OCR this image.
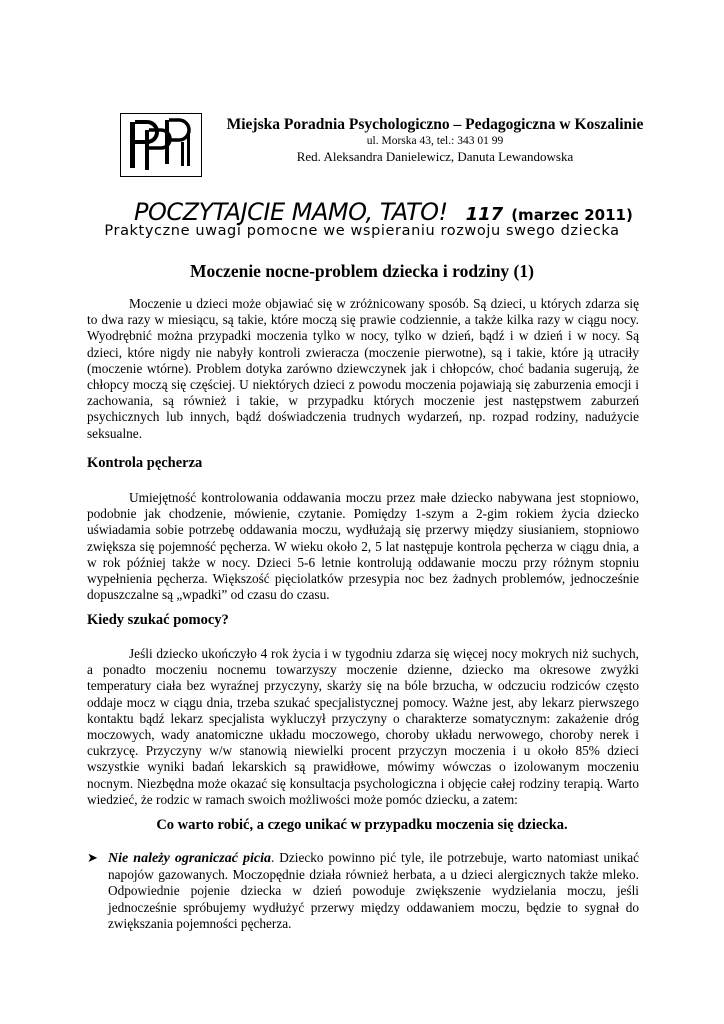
Miejska Poradnia Psychologiczno – Pedagogiczna w Koszalinie
ul. Morska 43, tel.: 343 01 99
Red. Aleksandra Danielewicz, Danuta Lewandowska
POCZYTAJCIE MAMO, TATO! 117 (marzec 2011)
Praktyczne uwagi pomocne we wspieraniu rozwoju swego dziecka
Moczenie nocne-problem dziecka i rodziny (1)
Moczenie u dzieci może objawiać się w zróżnicowany sposób. Są dzieci, u których zdarza się to dwa razy w miesiącu, są takie, które moczą się prawie codziennie, a także kilka razy w ciągu nocy. Wyodrębnić można przypadki moczenia tylko w nocy, tylko w dzień, bądź i w dzień i w nocy. Są dzieci, które nigdy nie nabyły kontroli zwieracza (moczenie pierwotne), są i takie, które ją utraciły (moczenie wtórne). Problem dotyka zarówno dziewczynek jak i chłopców, choć badania sugerują, że chłopcy moczą się częściej. U niektórych dzieci z powodu moczenia pojawiają się zaburzenia emocji i zachowania, są również i takie, w przypadku których moczenie jest następstwem zaburzeń psychicznych lub innych, bądź doświadczenia trudnych wydarzeń, np. rozpad rodziny, nadużycie seksualne.
Kontrola pęcherza
Umiejętność kontrolowania oddawania moczu przez małe dziecko nabywana jest stopniowo, podobnie jak chodzenie, mówienie, czytanie. Pomiędzy 1-szym a 2-gim rokiem życia dziecko uświadamia sobie potrzebę oddawania moczu, wydłużają się przerwy między siusianiem, stopniowo zwiększa się pojemność pęcherza. W wieku około 2, 5 lat następuje kontrola pęcherza w ciągu dnia, a w rok później także w nocy. Dzieci 5-6 letnie kontrolują oddawanie moczu przy różnym stopniu wypełnienia pęcherza. Większość pięciolatków przesypia noc bez żadnych problemów, jednocześnie dopuszczalne są „wpadki” od czasu do czasu.
Kiedy szukać pomocy?
Jeśli dziecko ukończyło 4 rok życia i w tygodniu zdarza się więcej nocy mokrych niż suchych, a ponadto moczeniu nocnemu towarzyszy moczenie dzienne, dziecko ma okresowe zwyżki temperatury ciała bez wyraźnej przyczyny, skarży się na bóle brzucha, w odczuciu rodziców często oddaje mocz w ciągu dnia, trzeba szukać specjalistycznej pomocy. Ważne jest, aby lekarz pierwszego kontaktu bądź lekarz specjalista wykluczył przyczyny o charakterze somatycznym: zakażenie dróg moczowych, wady anatomiczne układu moczowego, choroby układu nerwowego, choroby nerek i cukrzycę. Przyczyny w/w stanowią niewielki procent przyczyn moczenia i u około 85% dzieci wszystkie wyniki badań lekarskich są prawidłowe, mówimy wówczas o izolowanym moczeniu nocnym. Niezbędna może okazać się konsultacja psychologiczna i objęcie całej rodziny terapią. Warto wiedzieć, że rodzic w ramach swoich możliwości może pomóc dziecku, a zatem:
Co warto robić, a czego unikać w przypadku moczenia się dziecka.
➤ Nie należy ograniczać picia. Dziecko powinno pić tyle, ile potrzebuje, warto natomiast unikać napojów gazowanych. Moczopędnie działa również herbata, a u dzieci alergicznych także mleko. Odpowiednie pojenie dziecka w dzień powoduje zwiększenie wydzielania moczu, jeśli jednocześnie spróbujemy wydłużyć przerwy między oddawaniem moczu, będzie to sygnał do zwiększania pojemności pęcherza.
